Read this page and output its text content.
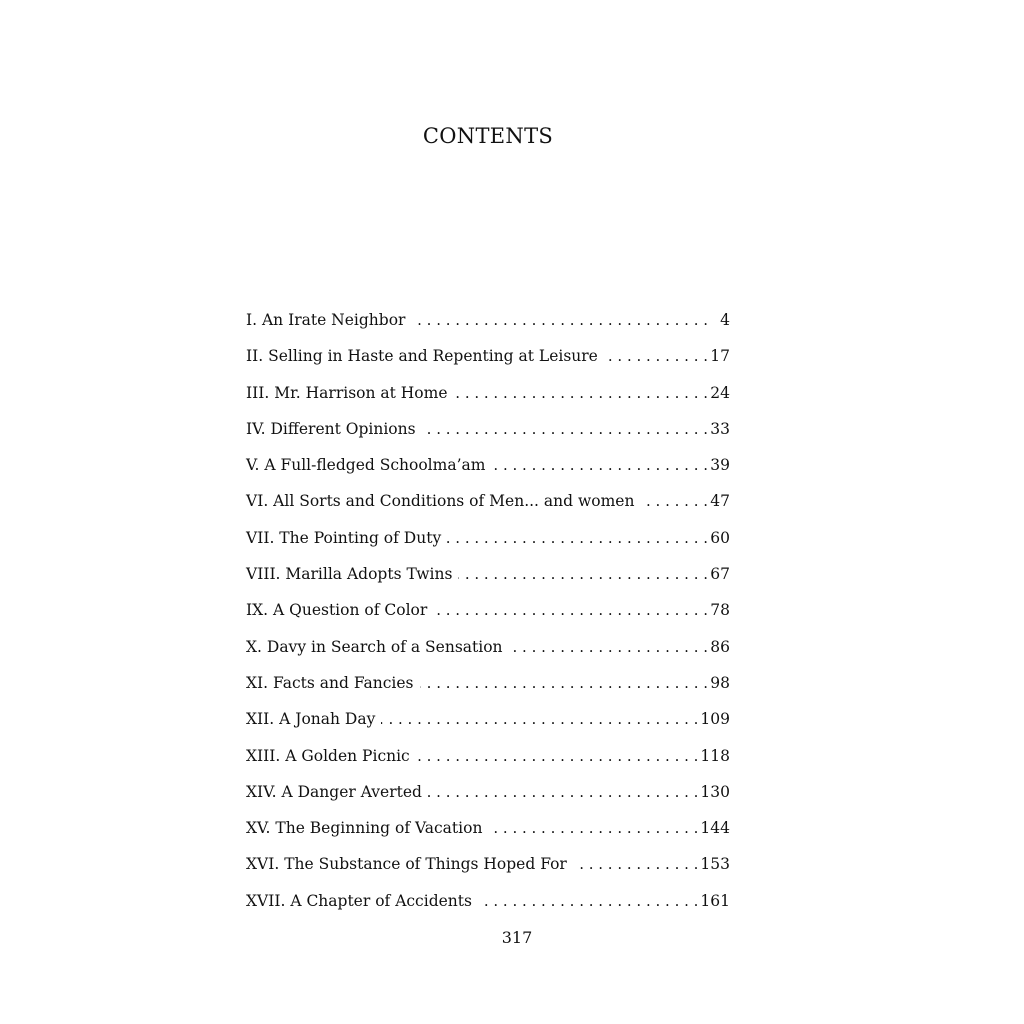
CONTENTS
I. An Irate Neighbor . . .	4
II. Selling in Haste and Repenting at Leisure . . .	17
III. Mr. Harrison at Home . . .	24
IV. Different Opinions . . .	33
V. A Full-fledged Schoolma’am . . .	39
VI. All Sorts and Conditions of Men... and women . . .	47
VII. The Pointing of Duty . . .	60
VIII. Marilla Adopts Twins . . .	67
IX. A Question of Color . . .	78
X. Davy in Search of a Sensation . . .	86
XI. Facts and Fancies . . .	98
XII. A Jonah Day . . .	109
XIII. A Golden Picnic . . .	118
XIV. A Danger Averted . . .	130
XV. The Beginning of Vacation . . .	144
XVI. The Substance of Things Hoped For . . .	153
XVII. A Chapter of Accidents . . .	161
317
